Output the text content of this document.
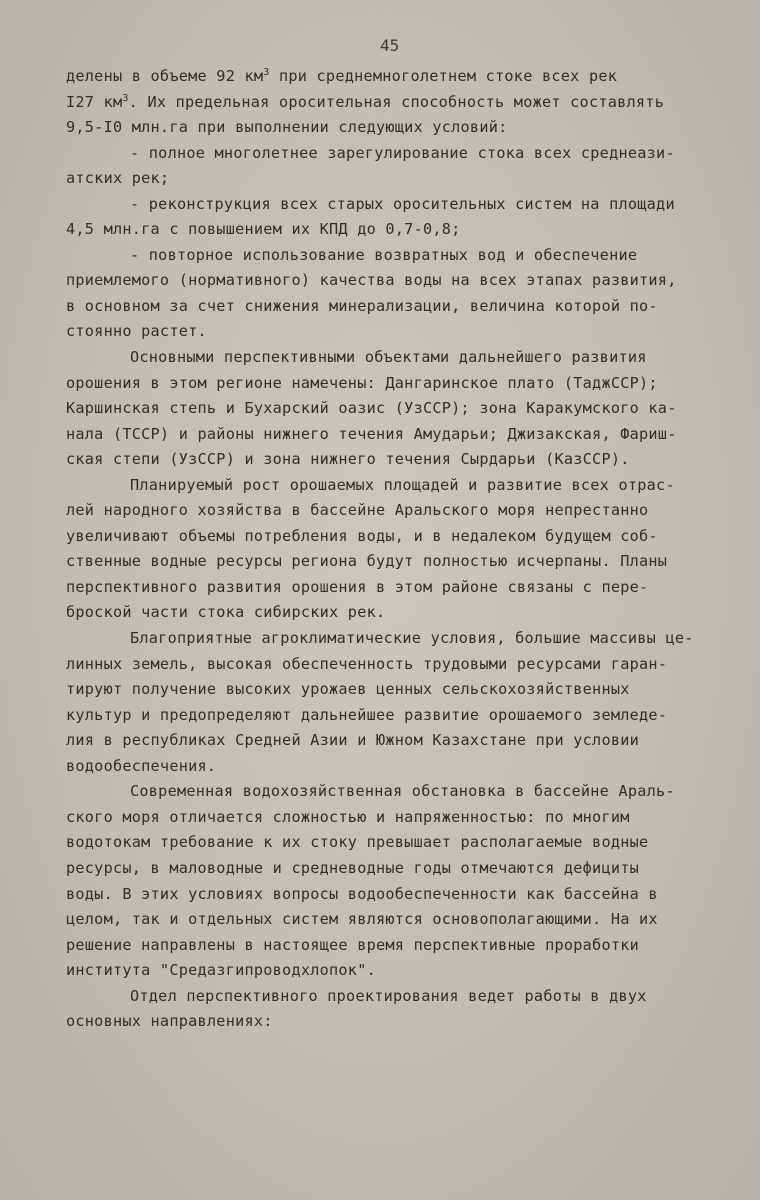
45
делены в объеме 92 $км^3$ при среднемноголетнем стоке всех рек
I27 $км^3$. Их предельная оросительная способность может составлять
9,5-I0 млн.га при выполнении следующих условий:
- полное многолетнее зарегулирование стока всех среднеази-
атских рек;
- реконструкция всех старых оросительных систем на площади
4,5 млн.га с повышением их КПД до 0,7-0,8;
- повторное использование возвратных вод и обеспечение
приемлемого (нормативного) качества воды на всех этапах развития,
в основном за счет снижения минерализации, величина которой по-
стоянно растет.
Основными перспективными объектами дальнейшего развития
орошения в этом регионе намечены: Дангаринское плато (ТаджССР);
Каршинская степь и Бухарский оазис (УзССР); зона Каракумского ка-
нала (ТССР) и районы нижнего течения Амударьи; Джизакская, Фариш-
ская степи (УзССР) и зона нижнего течения Сырдарьи (КазССР).
Планируемый рост орошаемых площадей и развитие всех отрас-
лей народного хозяйства в бассейне Аральского моря непрестанно
увеличивают объемы потребления воды, и в недалеком будущем соб-
ственные водные ресурсы региона будут полностью исчерпаны. Планы
перспективного развития орошения в этом районе связаны с пере-
броской части стока сибирских рек.
Благоприятные агроклиматические условия, большие массивы це-
линных земель, высокая обеспеченность трудовыми ресурсами гаран-
тируют получение высоких урожаев ценных сельскохозяйственных
культур и предопределяют дальнейшее развитие орошаемого земледе-
лия в республиках Средней Азии и Южном Казахстане при условии
водообеспечения.
Современная водохозяйственная обстановка в бассейне Араль-
ского моря отличается сложностью и напряженностью: по многим
водотокам требование к их стоку превышает располагаемые водные
ресурсы, в маловодные и средневодные годы отмечаются дефициты
воды. В этих условиях вопросы водообеспеченности как бассейна в
целом, так и отдельных систем являются основополагающими. На их
решение направлены в настоящее время перспективные проработки
института "Средазгипроводхлопок".
Отдел перспективного проектирования ведет работы в двух
основных направлениях:
